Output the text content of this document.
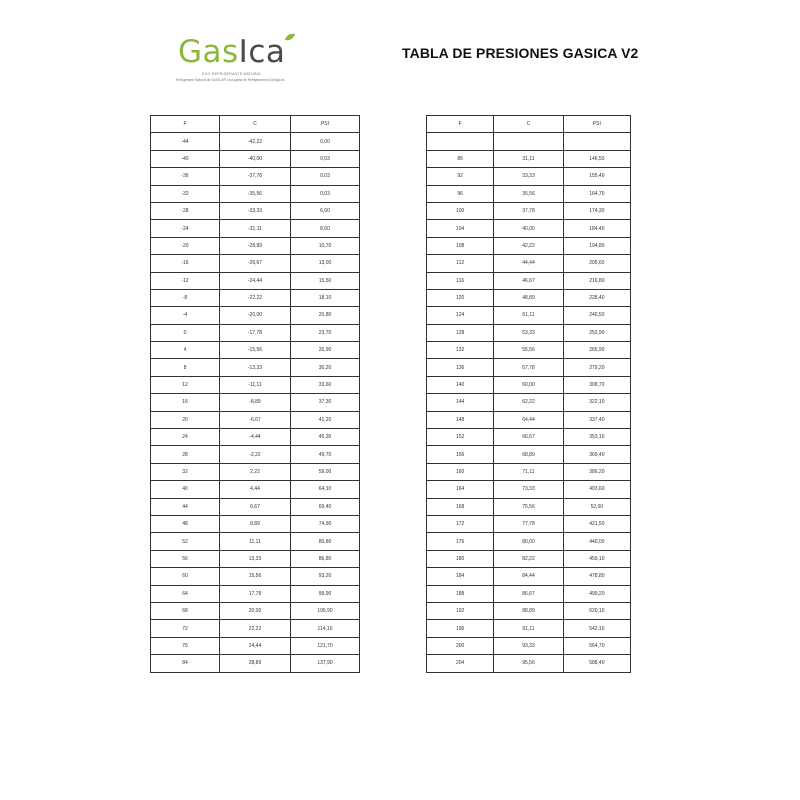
GasIca
ECO-REFRIGERANTE NATURAL
Refrigerante Natural de GASICA® Una gama de Refrigerantes Ecológicos
TABLA DE PRESIONES GASICA V2
F	C	PSI
-44	-42,22	0,00
-40	-40,00	0,03
-36	-37,78	0,03
-32	-35,56	0,03
-28	-33,33	6,60
-24	-31,11	8,60
-20	-28,89	10,70
-16	-26,67	13,00
-12	-24,44	15,50
-8	-22,22	18,10
-4	-20,00	20,80
0	-17,78	23,70
4	-15,56	26,90
8	-13,33	30,20
12	-11,11	33,60
16	-8,89	37,30
20	-6,67	41,20
24	-4,44	45,30
28	-2,22	49,70
32	2,22	59,00
40	4,44	64,10
44	6,67	69,40
48	8,89	74,90
52	11,11	80,80
56	13,33	86,80
60	15,56	93,20
64	17,78	99,90
68	20,00	106,90
72	22,22	114,10
76	24,44	121,70
84	28,89	137,90
F	C	PSI

86	31,11	146,50
92	33,33	155,40
96	35,56	164,70
100	37,78	174,30
104	40,00	184,40
108	42,22	194,80
112	44,44	205,60
116	46,67	216,80
120	48,89	228,40
124	51,11	240,50
128	53,33	252,90
132	55,56	265,90
136	57,78	279,20
140	60,00	308,70
144	62,22	322,10
148	64,44	337,40
152	66,67	353,10
156	68,89	369,40
160	71,11	386,20
164	73,33	403,60
168	75,56	52,00
172	77,78	421,50
176	80,00	440,00
180	82,22	459,10
184	84,44	478,80
188	86,67	499,20
192	88,89	620,10
196	91,11	542,10
200	93,33	564,70
204	95,56	588,40
